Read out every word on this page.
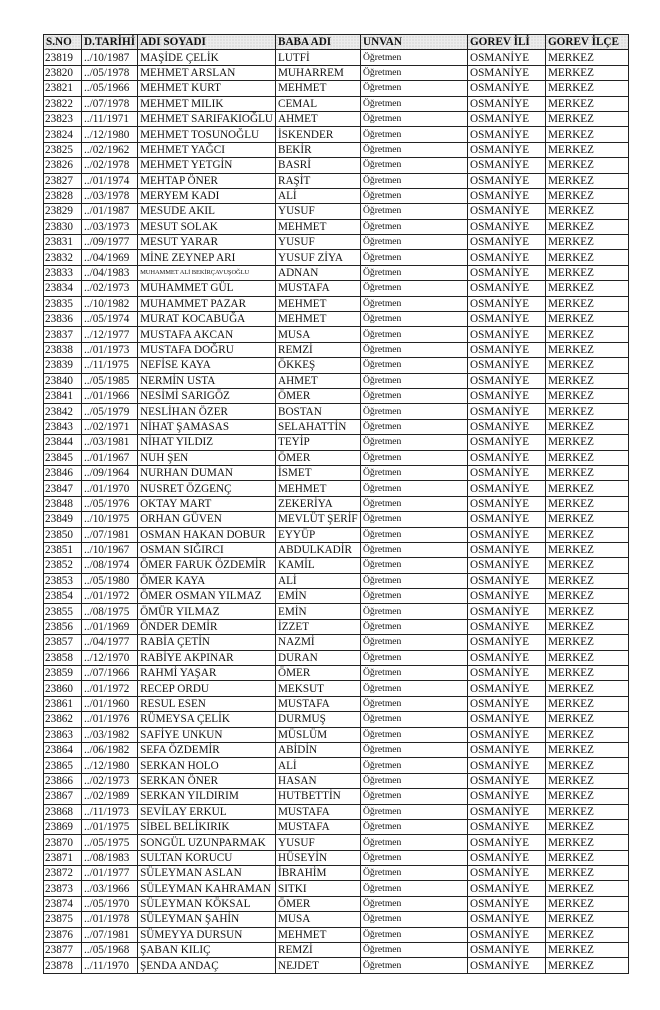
S.NO	D.TARİHİ	ADI SOYADI	BABA ADI	UNVAN	GOREV İLİ	GOREV İLÇE
23819	../10/1987	MAŞİDE ÇELİK	LUTFİ	Öğretmen	OSMANİYE	MERKEZ
23820	../05/1978	MEHMET ARSLAN	MUHARREM	Öğretmen	OSMANİYE	MERKEZ
23821	../05/1966	MEHMET KURT	MEHMET	Öğretmen	OSMANİYE	MERKEZ
23822	../07/1978	MEHMET MILIK	CEMAL	Öğretmen	OSMANİYE	MERKEZ
23823	../11/1971	MEHMET SARIFAKIOĞLU	AHMET	Öğretmen	OSMANİYE	MERKEZ
23824	../12/1980	MEHMET TOSUNOĞLU	İSKENDER	Öğretmen	OSMANİYE	MERKEZ
23825	../02/1962	MEHMET YAĞCI	BEKİR	Öğretmen	OSMANİYE	MERKEZ
23826	../02/1978	MEHMET YETGİN	BASRİ	Öğretmen	OSMANİYE	MERKEZ
23827	../01/1974	MEHTAP ÖNER	RAŞİT	Öğretmen	OSMANİYE	MERKEZ
23828	../03/1978	MERYEM KADI	ALİ	Öğretmen	OSMANİYE	MERKEZ
23829	../01/1987	MESUDE AKIL	YUSUF	Öğretmen	OSMANİYE	MERKEZ
23830	../03/1973	MESUT SOLAK	MEHMET	Öğretmen	OSMANİYE	MERKEZ
23831	../09/1977	MESUT YARAR	YUSUF	Öğretmen	OSMANİYE	MERKEZ
23832	../04/1969	MİNE ZEYNEP ARI	YUSUF ZİYA	Öğretmen	OSMANİYE	MERKEZ
23833	../04/1983	MUHAMMET ALİ BEKİRÇAVUŞOĞLU	ADNAN	Öğretmen	OSMANİYE	MERKEZ
23834	../02/1973	MUHAMMET GÜL	MUSTAFA	Öğretmen	OSMANİYE	MERKEZ
23835	../10/1982	MUHAMMET PAZAR	MEHMET	Öğretmen	OSMANİYE	MERKEZ
23836	../05/1974	MURAT KOCABUĞA	MEHMET	Öğretmen	OSMANİYE	MERKEZ
23837	../12/1977	MUSTAFA AKCAN	MUSA	Öğretmen	OSMANİYE	MERKEZ
23838	../01/1973	MUSTAFA DOĞRU	REMZİ	Öğretmen	OSMANİYE	MERKEZ
23839	../11/1975	NEFİSE KAYA	ÖKKEŞ	Öğretmen	OSMANİYE	MERKEZ
23840	../05/1985	NERMİN USTA	AHMET	Öğretmen	OSMANİYE	MERKEZ
23841	../01/1966	NESİMİ SARIGÖZ	ÖMER	Öğretmen	OSMANİYE	MERKEZ
23842	../05/1979	NESLİHAN ÖZER	BOSTAN	Öğretmen	OSMANİYE	MERKEZ
23843	../02/1971	NİHAT ŞAMASAS	SELAHATTİN	Öğretmen	OSMANİYE	MERKEZ
23844	../03/1981	NİHAT YILDIZ	TEYİP	Öğretmen	OSMANİYE	MERKEZ
23845	../01/1967	NUH ŞEN	ÖMER	Öğretmen	OSMANİYE	MERKEZ
23846	../09/1964	NURHAN DUMAN	İSMET	Öğretmen	OSMANİYE	MERKEZ
23847	../01/1970	NUSRET ÖZGENÇ	MEHMET	Öğretmen	OSMANİYE	MERKEZ
23848	../05/1976	OKTAY MART	ZEKERİYA	Öğretmen	OSMANİYE	MERKEZ
23849	../10/1975	ORHAN GÜVEN	MEVLÜT ŞERİF	Öğretmen	OSMANİYE	MERKEZ
23850	../07/1981	OSMAN HAKAN DOBUR	EYYÜP	Öğretmen	OSMANİYE	MERKEZ
23851	../10/1967	OSMAN SIĞIRCI	ABDULKADİR	Öğretmen	OSMANİYE	MERKEZ
23852	../08/1974	ÖMER FARUK ÖZDEMİR	KAMİL	Öğretmen	OSMANİYE	MERKEZ
23853	../05/1980	ÖMER KAYA	ALİ	Öğretmen	OSMANİYE	MERKEZ
23854	../01/1972	ÖMER OSMAN YILMAZ	EMİN	Öğretmen	OSMANİYE	MERKEZ
23855	../08/1975	ÖMÜR YILMAZ	EMİN	Öğretmen	OSMANİYE	MERKEZ
23856	../01/1969	ÖNDER DEMİR	İZZET	Öğretmen	OSMANİYE	MERKEZ
23857	../04/1977	RABİA ÇETİN	NAZMİ	Öğretmen	OSMANİYE	MERKEZ
23858	../12/1970	RABİYE AKPINAR	DURAN	Öğretmen	OSMANİYE	MERKEZ
23859	../07/1966	RAHMİ YAŞAR	ÖMER	Öğretmen	OSMANİYE	MERKEZ
23860	../01/1972	RECEP ORDU	MEKSUT	Öğretmen	OSMANİYE	MERKEZ
23861	../01/1960	RESUL ESEN	MUSTAFA	Öğretmen	OSMANİYE	MERKEZ
23862	../01/1976	RÜMEYSA ÇELİK	DURMUŞ	Öğretmen	OSMANİYE	MERKEZ
23863	../03/1982	SAFİYE UNKUN	MÜSLÜM	Öğretmen	OSMANİYE	MERKEZ
23864	../06/1982	SEFA ÖZDEMİR	ABİDİN	Öğretmen	OSMANİYE	MERKEZ
23865	../12/1980	SERKAN HOLO	ALİ	Öğretmen	OSMANİYE	MERKEZ
23866	../02/1973	SERKAN ÖNER	HASAN	Öğretmen	OSMANİYE	MERKEZ
23867	../02/1989	SERKAN YILDIRIM	HUTBETTİN	Öğretmen	OSMANİYE	MERKEZ
23868	../11/1973	SEVİLAY ERKUL	MUSTAFA	Öğretmen	OSMANİYE	MERKEZ
23869	../01/1975	SİBEL BELİKIRIK	MUSTAFA	Öğretmen	OSMANİYE	MERKEZ
23870	../05/1975	SONGÜL UZUNPARMAK	YUSUF	Öğretmen	OSMANİYE	MERKEZ
23871	../08/1983	SULTAN KORUCU	HÜSEYİN	Öğretmen	OSMANİYE	MERKEZ
23872	../01/1977	SÜLEYMAN ASLAN	İBRAHİM	Öğretmen	OSMANİYE	MERKEZ
23873	../03/1966	SÜLEYMAN KAHRAMAN	SITKI	Öğretmen	OSMANİYE	MERKEZ
23874	../05/1970	SÜLEYMAN KÖKSAL	ÖMER	Öğretmen	OSMANİYE	MERKEZ
23875	../01/1978	SÜLEYMAN ŞAHİN	MUSA	Öğretmen	OSMANİYE	MERKEZ
23876	../07/1981	SÜMEYYA DURSUN	MEHMET	Öğretmen	OSMANİYE	MERKEZ
23877	../05/1968	ŞABAN KILIÇ	REMZİ	Öğretmen	OSMANİYE	MERKEZ
23878	../11/1970	ŞENDA ANDAÇ	NEJDET	Öğretmen	OSMANİYE	MERKEZ
